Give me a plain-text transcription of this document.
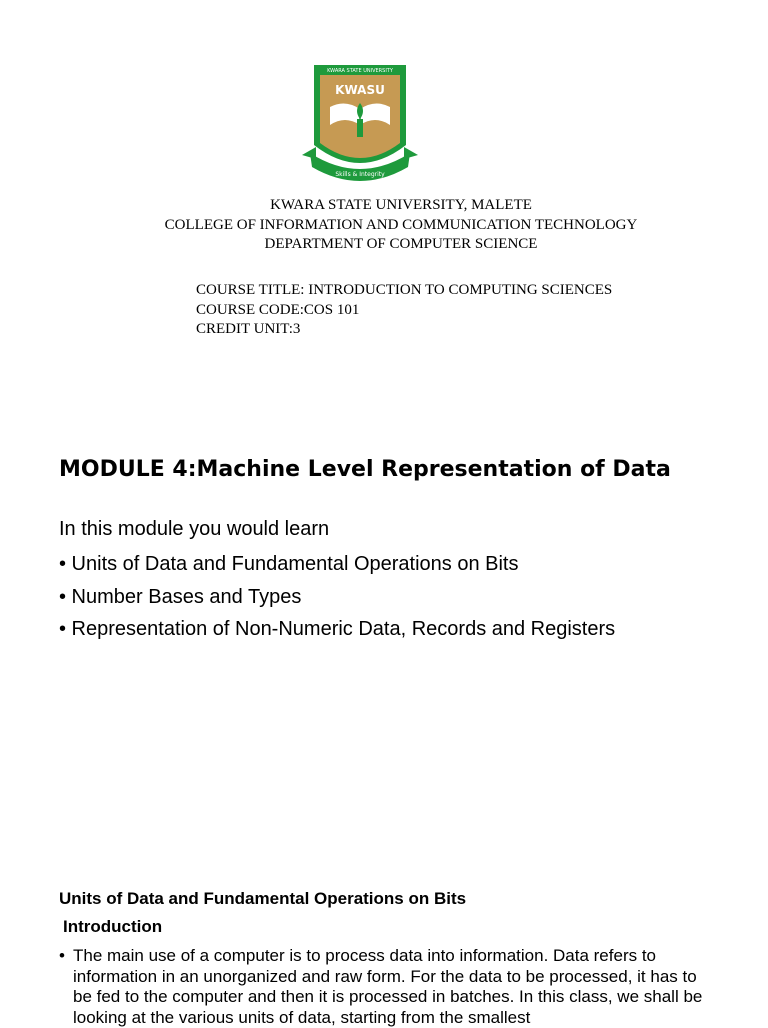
KWARA STATE UNIVERSITY
KWASU
Skills & Integrity
KWARA STATE UNIVERSITY, MALETE
COLLEGE OF INFORMATION AND COMMUNICATION TECHNOLOGY
DEPARTMENT OF COMPUTER SCIENCE
COURSE TITLE: INTRODUCTION TO COMPUTING SCIENCES
COURSE CODE:COS 101
CREDIT UNIT:3
MODULE 4:Machine Level Representation of Data
In this module you would learn
• Units of Data and Fundamental Operations on Bits
• Number Bases and Types
• Representation of Non-Numeric Data, Records and Registers
Units of Data and Fundamental Operations on Bits
Introduction
• The main use of a computer is to process data into information. Data refers to information in an unorganized and raw form. For the data to be processed, it has to be fed to the computer and then it is processed in batches. In this class, we shall be looking at the various units of data, starting from the smallest
